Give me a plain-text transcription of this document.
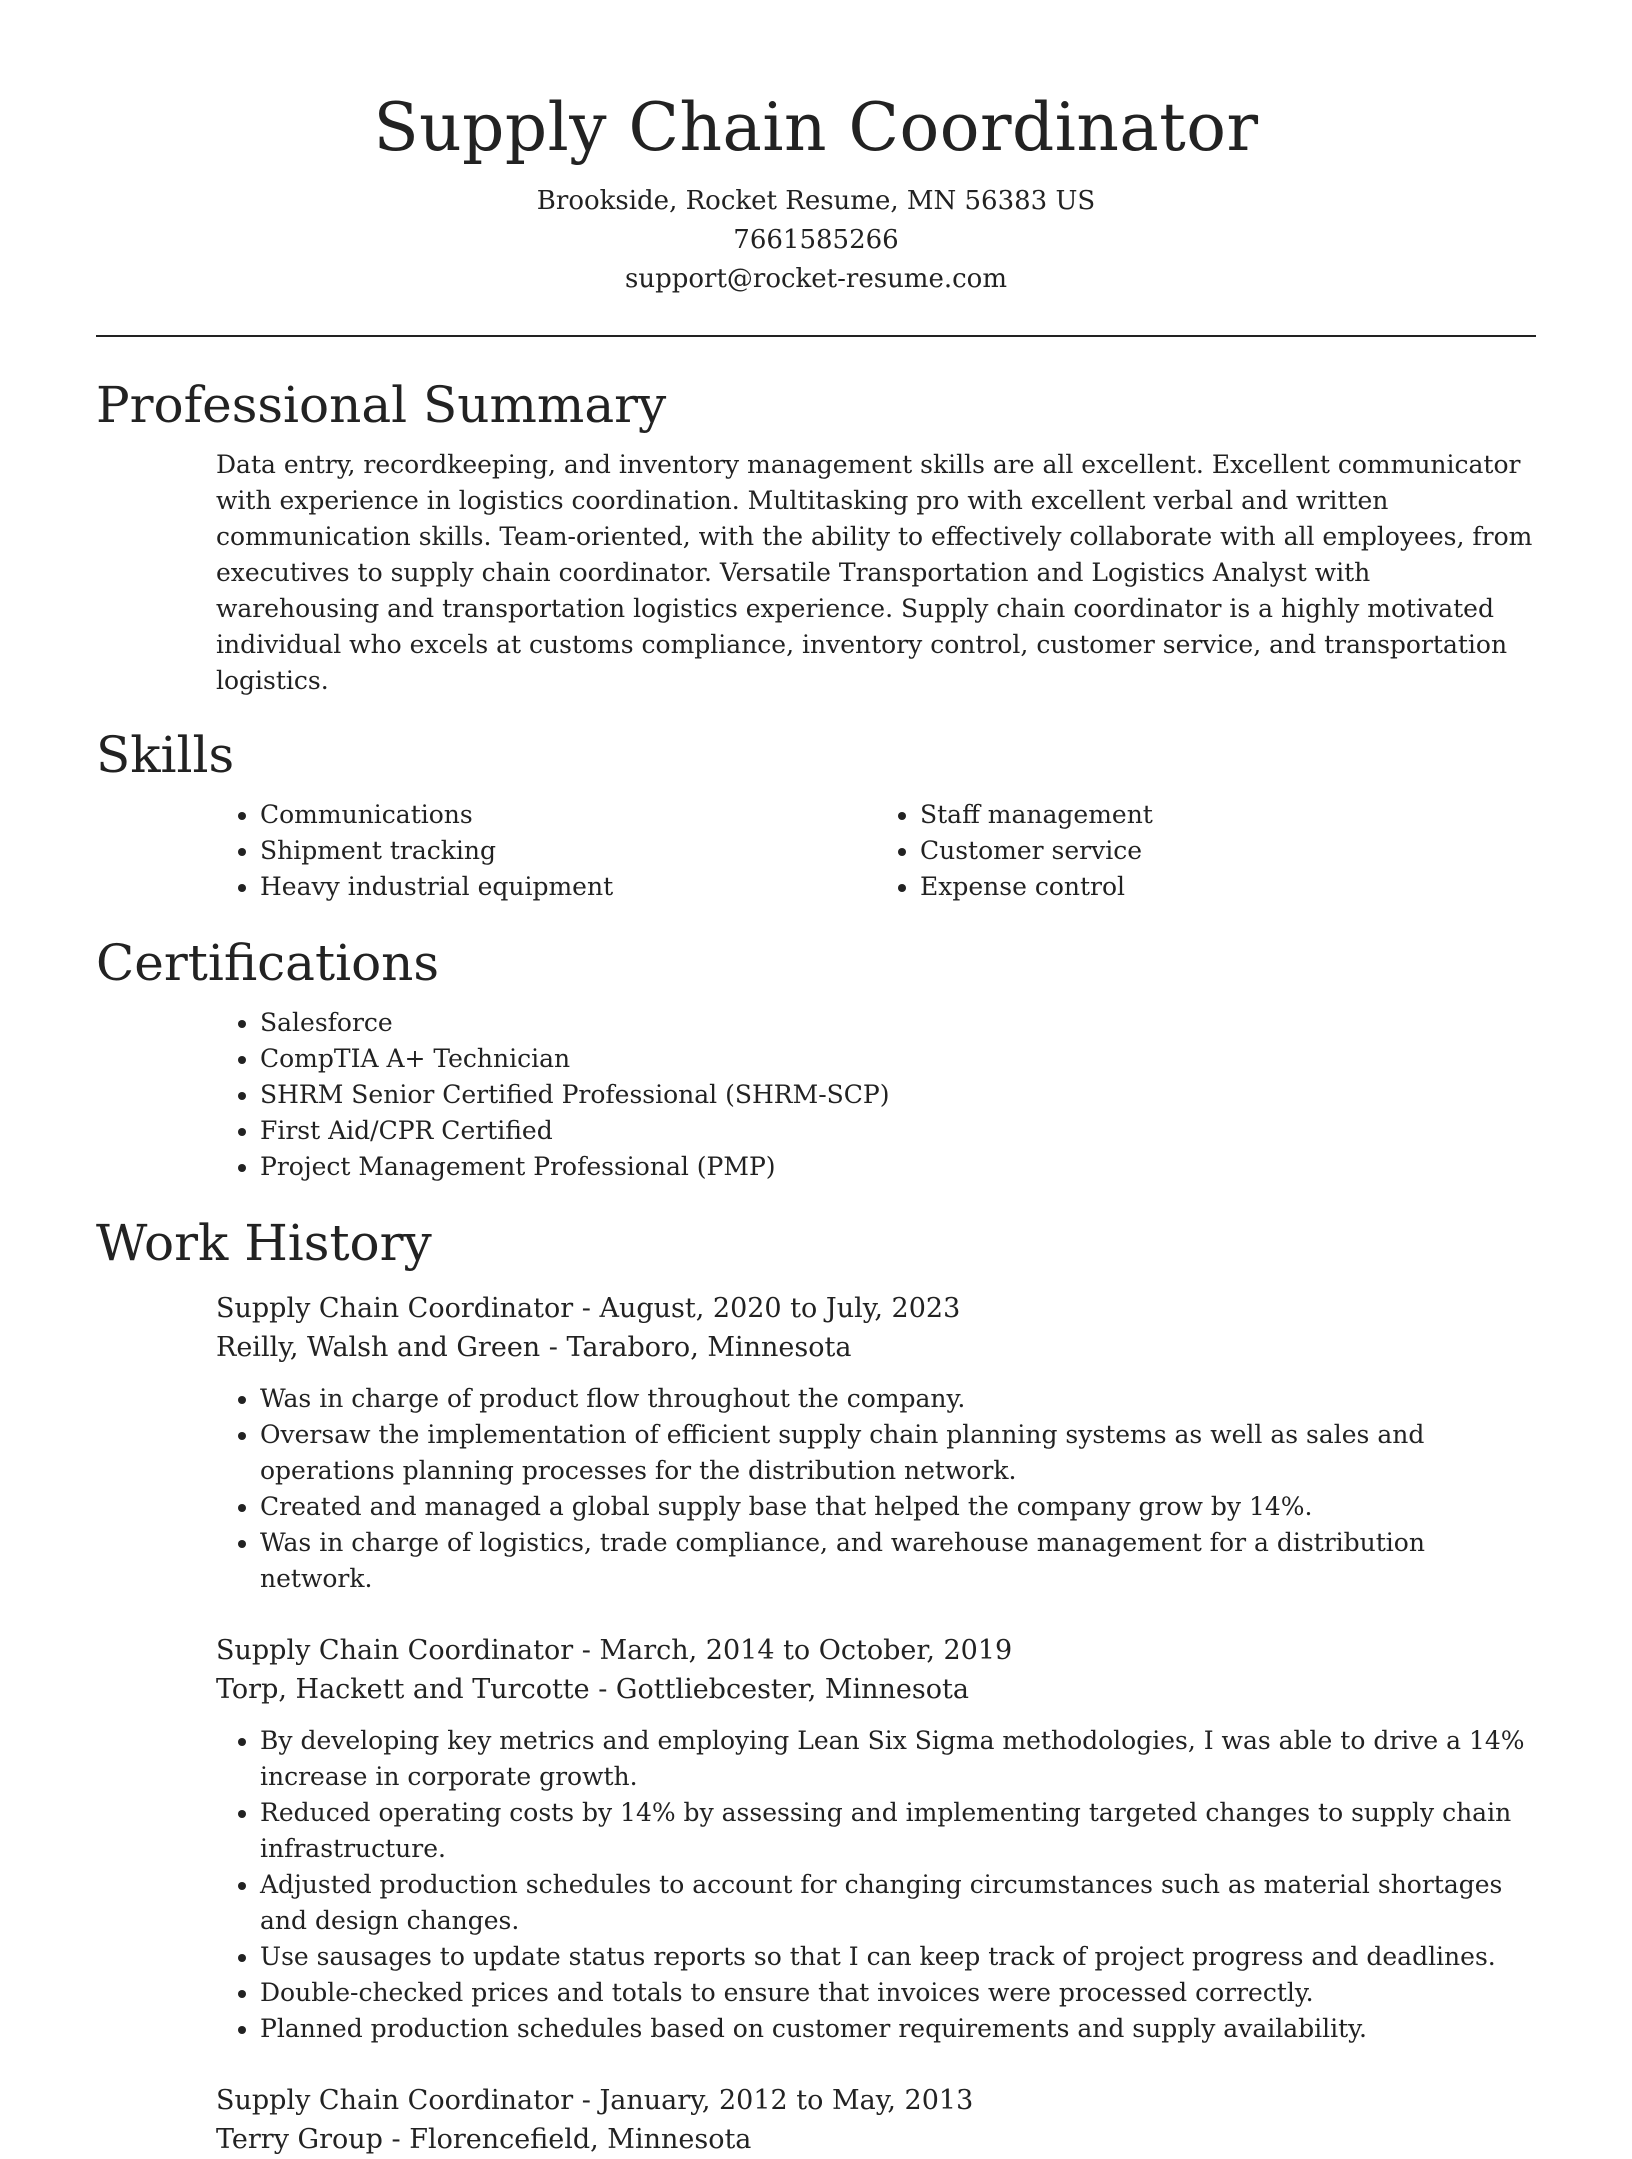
Supply Chain Coordinator
Brookside, Rocket Resume, MN 56383 US
7661585266
support@rocket-resume.com
Professional Summary

Data entry, recordkeeping, and inventory management skills are all excellent. Excellent communicator with experience in logistics coordination. Multitasking pro with excellent verbal and written communication skills. Team-oriented, with the ability to effectively collaborate with all employees, from executives to supply chain coordinator. Versatile Transportation and Logistics Analyst with warehousing and transportation logistics experience. Supply chain coordinator is a highly motivated individual who excels at customs compliance, inventory control, customer service, and transportation logistics.

Skills
• Communications
• Shipment tracking
• Heavy industrial equipment
• Staff management
• Customer service
• Expense control
Certifications
• Salesforce
• CompTIA A+ Technician
• SHRM Senior Certified Professional (SHRM-SCP)
• First Aid/CPR Certified
• Project Management Professional (PMP)
Work History
Supply Chain Coordinator - August, 2020 to July, 2023
Reilly, Walsh and Green - Taraboro, Minnesota
• Was in charge of product flow throughout the company.
• Oversaw the implementation of efficient supply chain planning systems as well as sales and operations planning processes for the distribution network.
• Created and managed a global supply base that helped the company grow by 14%.
• Was in charge of logistics, trade compliance, and warehouse management for a distribution network.
Supply Chain Coordinator - March, 2014 to October, 2019
Torp, Hackett and Turcotte - Gottliebcester, Minnesota
• By developing key metrics and employing Lean Six Sigma methodologies, I was able to drive a 14% increase in corporate growth.
• Reduced operating costs by 14% by assessing and implementing targeted changes to supply chain infrastructure.
• Adjusted production schedules to account for changing circumstances such as material shortages and design changes.
• Use sausages to update status reports so that I can keep track of project progress and deadlines.
• Double-checked prices and totals to ensure that invoices were processed correctly.
• Planned production schedules based on customer requirements and supply availability.
Supply Chain Coordinator - January, 2012 to May, 2013
Terry Group - Florencefield, Minnesota
